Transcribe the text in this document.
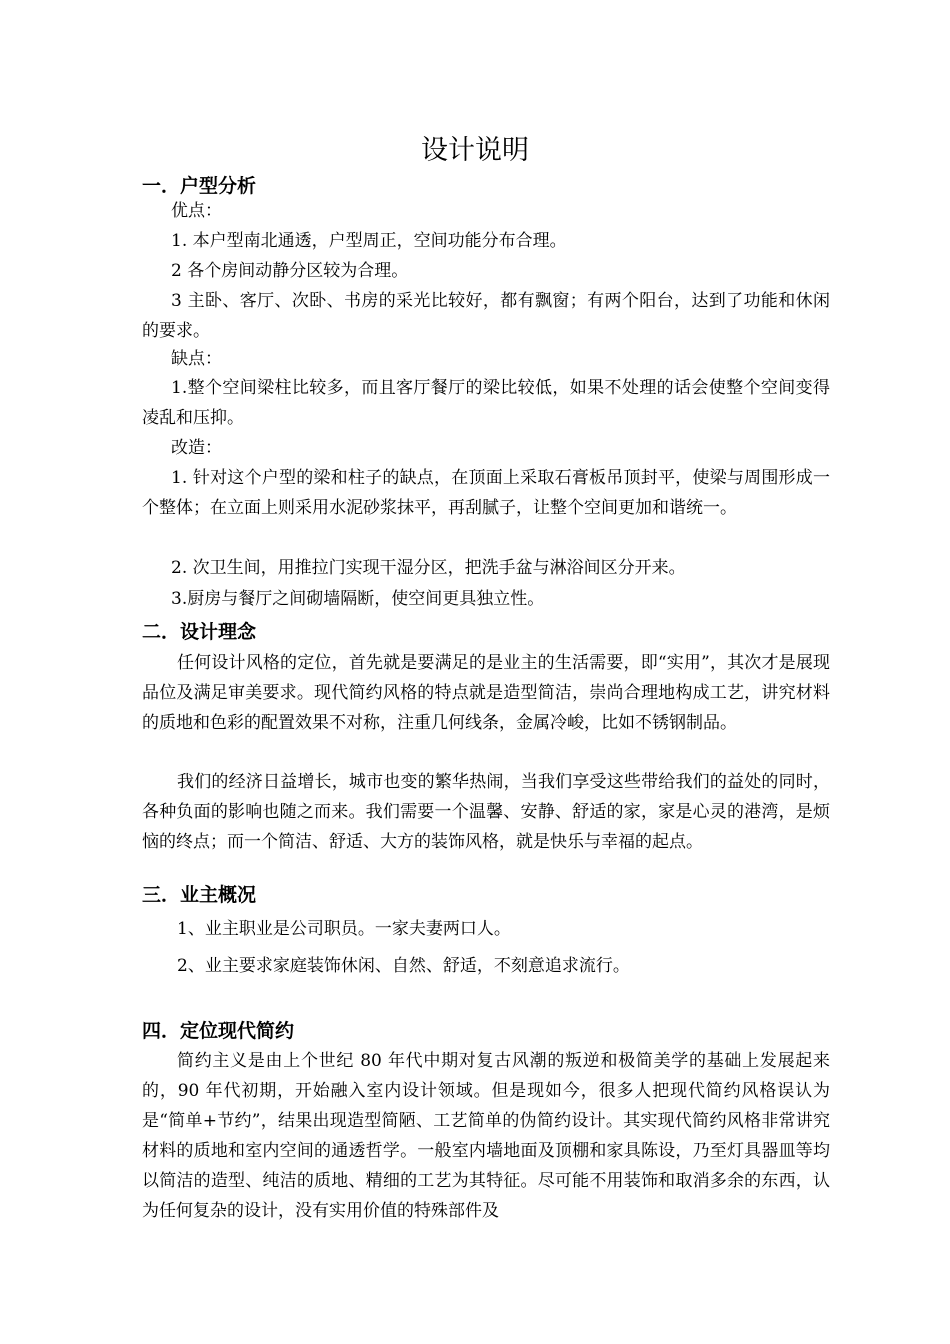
设计说明
一．户型分析
优点：
1. 本户型南北通透，户型周正，空间功能分布合理。
2 各个房间动静分区较为合理。
3 主卧、客厅、次卧、书房的采光比较好，都有飘窗；有两个阳台，达到了功能和休闲的要求。
缺点：
1.整个空间梁柱比较多，而且客厅餐厅的梁比较低，如果不处理的话会使整个空间变得凌乱和压抑。
改造：
1. 针对这个户型的梁和柱子的缺点，在顶面上采取石膏板吊顶封平，使梁与周围形成一个整体；在立面上则采用水泥砂浆抹平，再刮腻子，让整个空间更加和谐统一。
2. 次卫生间，用推拉门实现干湿分区，把洗手盆与淋浴间区分开来。
3.厨房与餐厅之间砌墙隔断，使空间更具独立性。
二．设计理念
任何设计风格的定位，首先就是要满足的是业主的生活需要，即“实用”，其次才是展现品位及满足审美要求。现代简约风格的特点就是造型简洁，崇尚合理地构成工艺，讲究材料的质地和色彩的配置效果不对称，注重几何线条，金属冷峻，比如不锈钢制品。
我们的经济日益增长，城市也变的繁华热闹，当我们享受这些带给我们的益处的同时，各种负面的影响也随之而来。我们需要一个温馨、安静、舒适的家，家是心灵的港湾，是烦恼的终点；而一个简洁、舒适、大方的装饰风格，就是快乐与幸福的起点。
三．业主概况
1、业主职业是公司职员。一家夫妻两口人。
2、业主要求家庭装饰休闲、自然、舒适，不刻意追求流行。
四．定位现代简约
简约主义是由上个世纪 80 年代中期对复古风潮的叛逆和极简美学的基础上发展起来的，90 年代初期，开始融入室内设计领域。但是现如今，很多人把现代简约风格误认为是“简单+节约”，结果出现造型简陋、工艺简单的伪简约设计。其实现代简约风格非常讲究材料的质地和室内空间的通透哲学。一般室内墙地面及顶棚和家具陈设，乃至灯具器皿等均以简洁的造型、纯洁的质地、精细的工艺为其特征。尽可能不用装饰和取消多余的东西，认为任何复杂的设计，没有实用价值的特殊部件及
